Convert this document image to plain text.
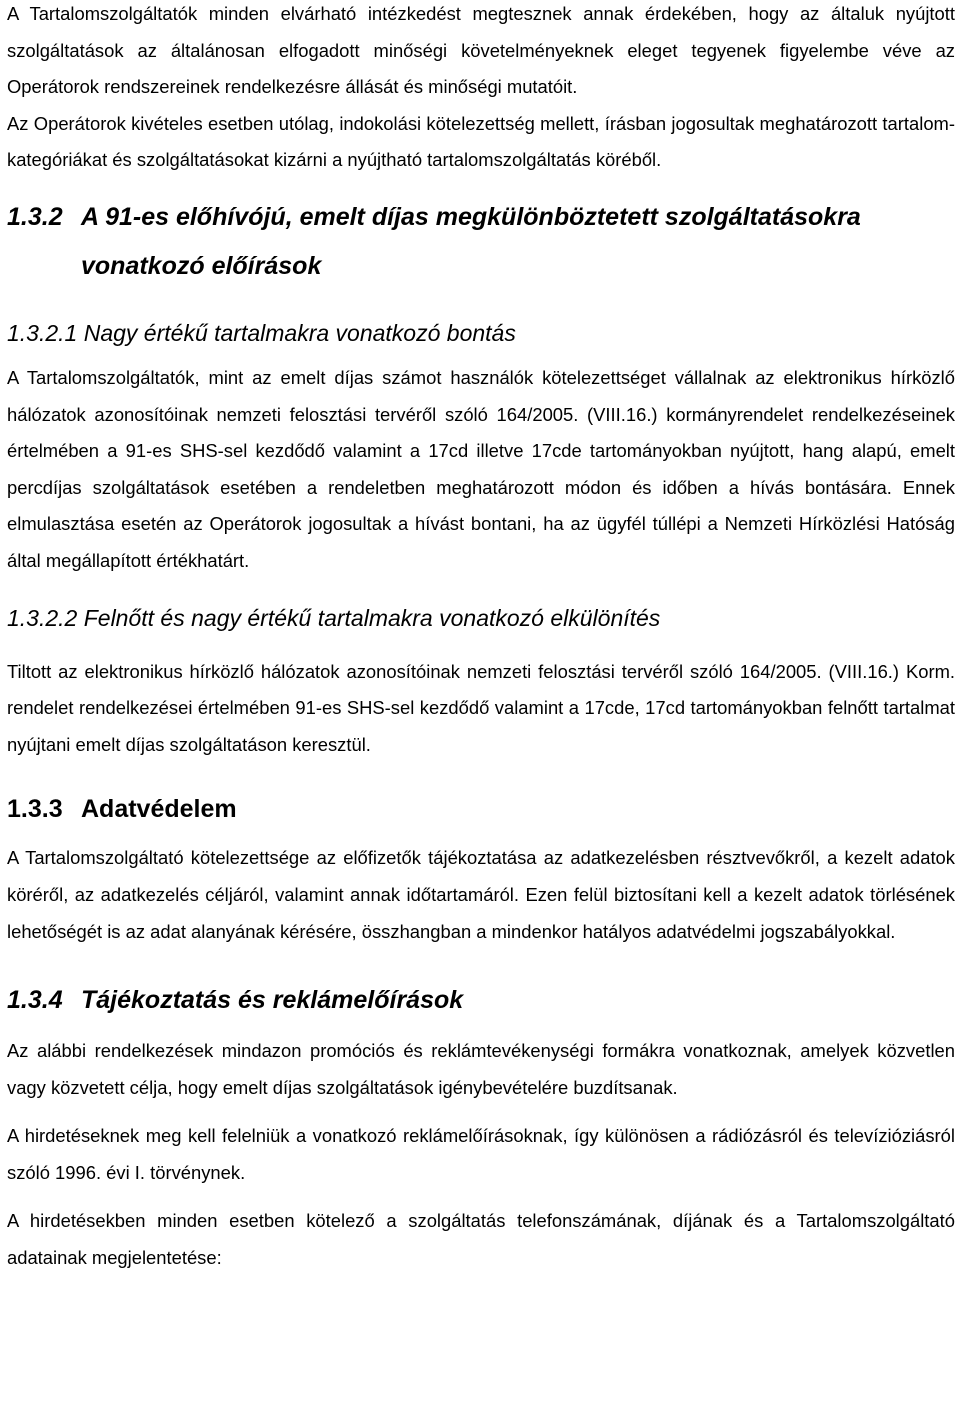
A Tartalomszolgáltatók minden elvárható intézkedést megtesznek annak érdekében, hogy az általuk nyújtott szolgáltatások az általánosan elfogadott minőségi követelményeknek eleget tegyenek figyelembe véve az Operátorok rendszereinek rendelkezésre állását és minőségi mutatóit.

Az Operátorok kivételes esetben utólag, indokolási kötelezettség mellett, írásban jogosultak meghatározott tartalom-kategóriákat és szolgáltatásokat kizárni a nyújtható tartalomszolgáltatás köréből.

1.3.2 A 91-es előhívójú, emelt díjas megkülönböztetett szolgáltatásokra vonatkozó előírások

1.3.2.1 Nagy értékű tartalmakra vonatkozó bontás

A Tartalomszolgáltatók, mint az emelt díjas számot használók kötelezettséget vállalnak az elektronikus hírközlő hálózatok azonosítóinak nemzeti felosztási tervéről szóló 164/2005. (VIII.16.) kormányrendelet rendelkezéseinek értelmében a 91-es SHS-sel kezdődő valamint a 17cd illetve 17cde tartományokban nyújtott, hang alapú, emelt percdíjas szolgáltatások esetében a rendeletben meghatározott módon és időben a hívás bontására. Ennek elmulasztása esetén az Operátorok jogosultak a hívást bontani, ha az ügyfél túllépi a Nemzeti Hírközlési Hatóság által megállapított értékhatárt.

1.3.2.2 Felnőtt és nagy értékű tartalmakra vonatkozó elkülönítés

Tiltott az elektronikus hírközlő hálózatok azonosítóinak nemzeti felosztási tervéről szóló 164/2005. (VIII.16.) Korm. rendelet rendelkezései értelmében 91-es SHS-sel kezdődő valamint a 17cde, 17cd tartományokban felnőtt tartalmat nyújtani emelt díjas szolgáltatáson keresztül.

1.3.3 Adatvédelem

A Tartalomszolgáltató kötelezettsége az előfizetők tájékoztatása az adatkezelésben résztvevőkről, a kezelt adatok köréről, az adatkezelés céljáról, valamint annak időtartamáról. Ezen felül biztosítani kell a kezelt adatok törlésének lehetőségét is az adat alanyának kérésére, összhangban a mindenkor hatályos adatvédelmi jogszabályokkal.

1.3.4 Tájékoztatás és reklámelőírások

Az alábbi rendelkezések mindazon promóciós és reklámtevékenységi formákra vonatkoznak, amelyek közvetlen vagy közvetett célja, hogy emelt díjas szolgáltatások igénybevételére buzdítsanak.

A hirdetéseknek meg kell felelniük a vonatkozó reklámelőírásoknak, így különösen a rádiózásról és televízióziásról szóló 1996. évi I. törvénynek.

A hirdetésekben minden esetben kötelező a szolgáltatás telefonszámának, díjának és a Tartalomszolgáltató adatainak megjelentetése:
